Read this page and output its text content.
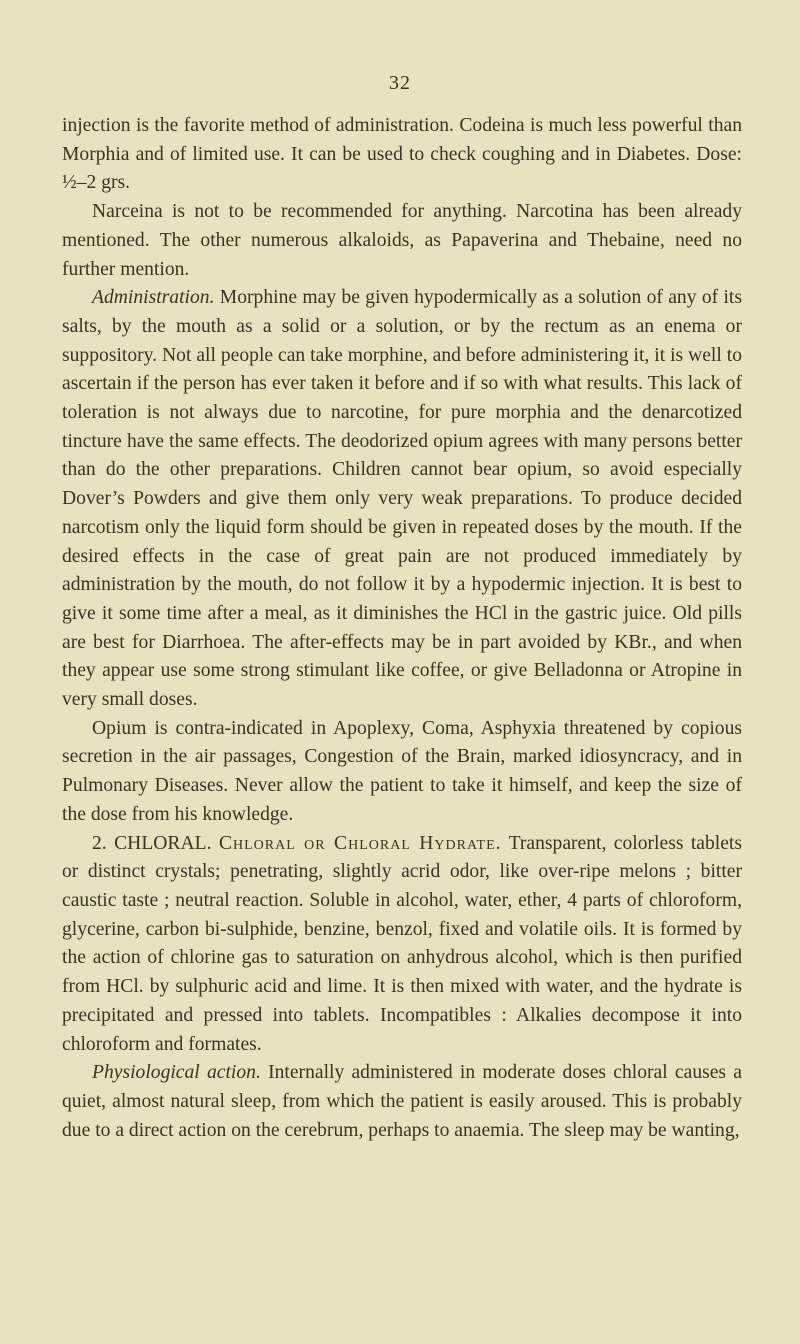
32

injection is the favorite method of administration. Codeina is much less powerful than Morphia and of limited use. It can be used to check coughing and in Diabetes. Dose: ½–2 grs.

Narceina is not to be recommended for anything. Narcotina has been already mentioned. The other numerous alkaloids, as Papaverina and Thebaine, need no further mention.

Administration. Morphine may be given hypodermically as a solution of any of its salts, by the mouth as a solid or a solution, or by the rectum as an enema or suppository. Not all people can take morphine, and before administering it, it is well to ascertain if the person has ever taken it before and if so with what results. This lack of toleration is not always due to narcotine, for pure morphia and the denarcotized tincture have the same effects. The deodorized opium agrees with many persons better than do the other preparations. Children cannot bear opium, so avoid especially Dover’s Powders and give them only very weak preparations. To produce decided narcotism only the liquid form should be given in repeated doses by the mouth. If the desired effects in the case of great pain are not produced immediately by administration by the mouth, do not follow it by a hypodermic injection. It is best to give it some time after a meal, as it diminishes the HCl in the gastric juice. Old pills are best for Diarrhoea. The after-effects may be in part avoided by KBr., and when they appear use some strong stimulant like coffee, or give Belladonna or Atropine in very small doses.

Opium is contra-indicated in Apoplexy, Coma, Asphyxia threatened by copious secretion in the air passages, Congestion of the Brain, marked idiosyncracy, and in Pulmonary Diseases. Never allow the patient to take it himself, and keep the size of the dose from his knowledge.

2. CHLORAL. Chloral or Chloral Hydrate. Transparent, colorless tablets or distinct crystals; penetrating, slightly acrid odor, like over-ripe melons ; bitter caustic taste ; neutral reaction. Soluble in alcohol, water, ether, 4 parts of chloroform, glycerine, carbon bi-sulphide, benzine, benzol, fixed and volatile oils. It is formed by the action of chlorine gas to saturation on anhydrous alcohol, which is then purified from HCl. by sulphuric acid and lime. It is then mixed with water, and the hydrate is precipitated and pressed into tablets. Incompatibles : Alkalies decompose it into chloroform and formates.

Physiological action. Internally administered in moderate doses chloral causes a quiet, almost natural sleep, from which the patient is easily aroused. This is probably due to a direct action on the cerebrum, perhaps to anaemia. The sleep may be wanting,
